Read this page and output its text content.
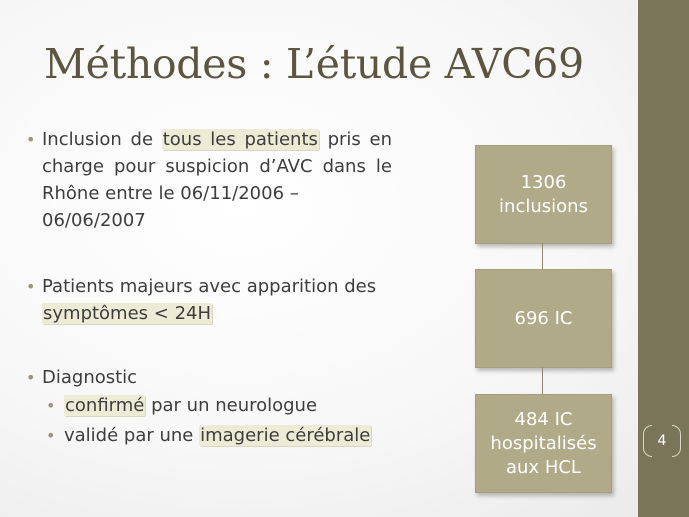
Méthodes : L’étude AVC69
• Inclusion de tous les patients pris en charge pour suspicion d’AVC dans le Rhône entre le 06/11/2006 –
06/06/2007
• Patients majeurs avec apparition des
symptômes < 24H
• Diagnostic
• confirmé par un neurologue
• validé par une imagerie cérébrale
1306
inclusions
696 IC
484 IC
hospitalisés
aux HCL
4
